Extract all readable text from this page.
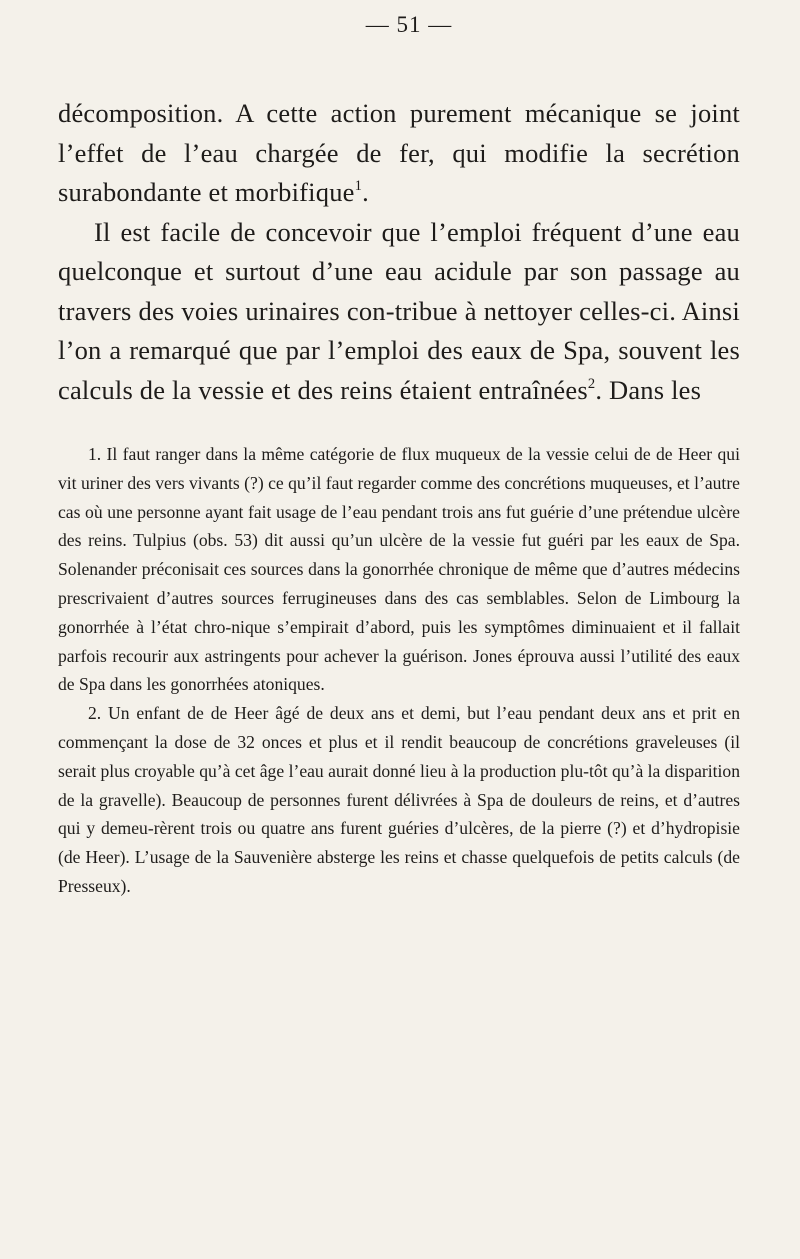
— 51 —

décomposition. A cette action purement mécanique se joint l’effet de l’eau chargée de fer, qui modifie la secrétion surabondante et morbifique$^1$.

Il est facile de concevoir que l’emploi fréquent d’une eau quelconque et surtout d’une eau acidule par son passage au travers des voies urinaires con-tribue à nettoyer celles-ci. Ainsi l’on a remarqué que par l’emploi des eaux de Spa, souvent les calculs de la vessie et des reins étaient entraînées$^2$. Dans les

1. Il faut ranger dans la même catégorie de flux muqueux de la vessie celui de de Heer qui vit uriner des vers vivants (?) ce qu’il faut regarder comme des concrétions muqueuses, et l’autre cas où une personne ayant fait usage de l’eau pendant trois ans fut guérie d’une prétendue ulcère des reins. Tulpius (obs. 53) dit aussi qu’un ulcère de la vessie fut guéri par les eaux de Spa. Solenander préconisait ces sources dans la gonorrhée chronique de même que d’autres médecins prescrivaient d’autres sources ferrugineuses dans des cas semblables. Selon de Limbourg la gonorrhée à l’état chro-nique s’empirait d’abord, puis les symptômes diminuaient et il fallait parfois recourir aux astringents pour achever la guérison. Jones éprouva aussi l’utilité des eaux de Spa dans les gonorrhées atoniques.

2. Un enfant de de Heer âgé de deux ans et demi, but l’eau pendant deux ans et prit en commençant la dose de 32 onces et plus et il rendit beaucoup de concrétions graveleuses (il serait plus croyable qu’à cet âge l’eau aurait donné lieu à la production plu-tôt qu’à la disparition de la gravelle). Beaucoup de personnes furent délivrées à Spa de douleurs de reins, et d’autres qui y demeu-rèrent trois ou quatre ans furent guéries d’ulcères, de la pierre (?) et d’hydropisie (de Heer). L’usage de la Sauvenière absterge les reins et chasse quelquefois de petits calculs (de Presseux).
